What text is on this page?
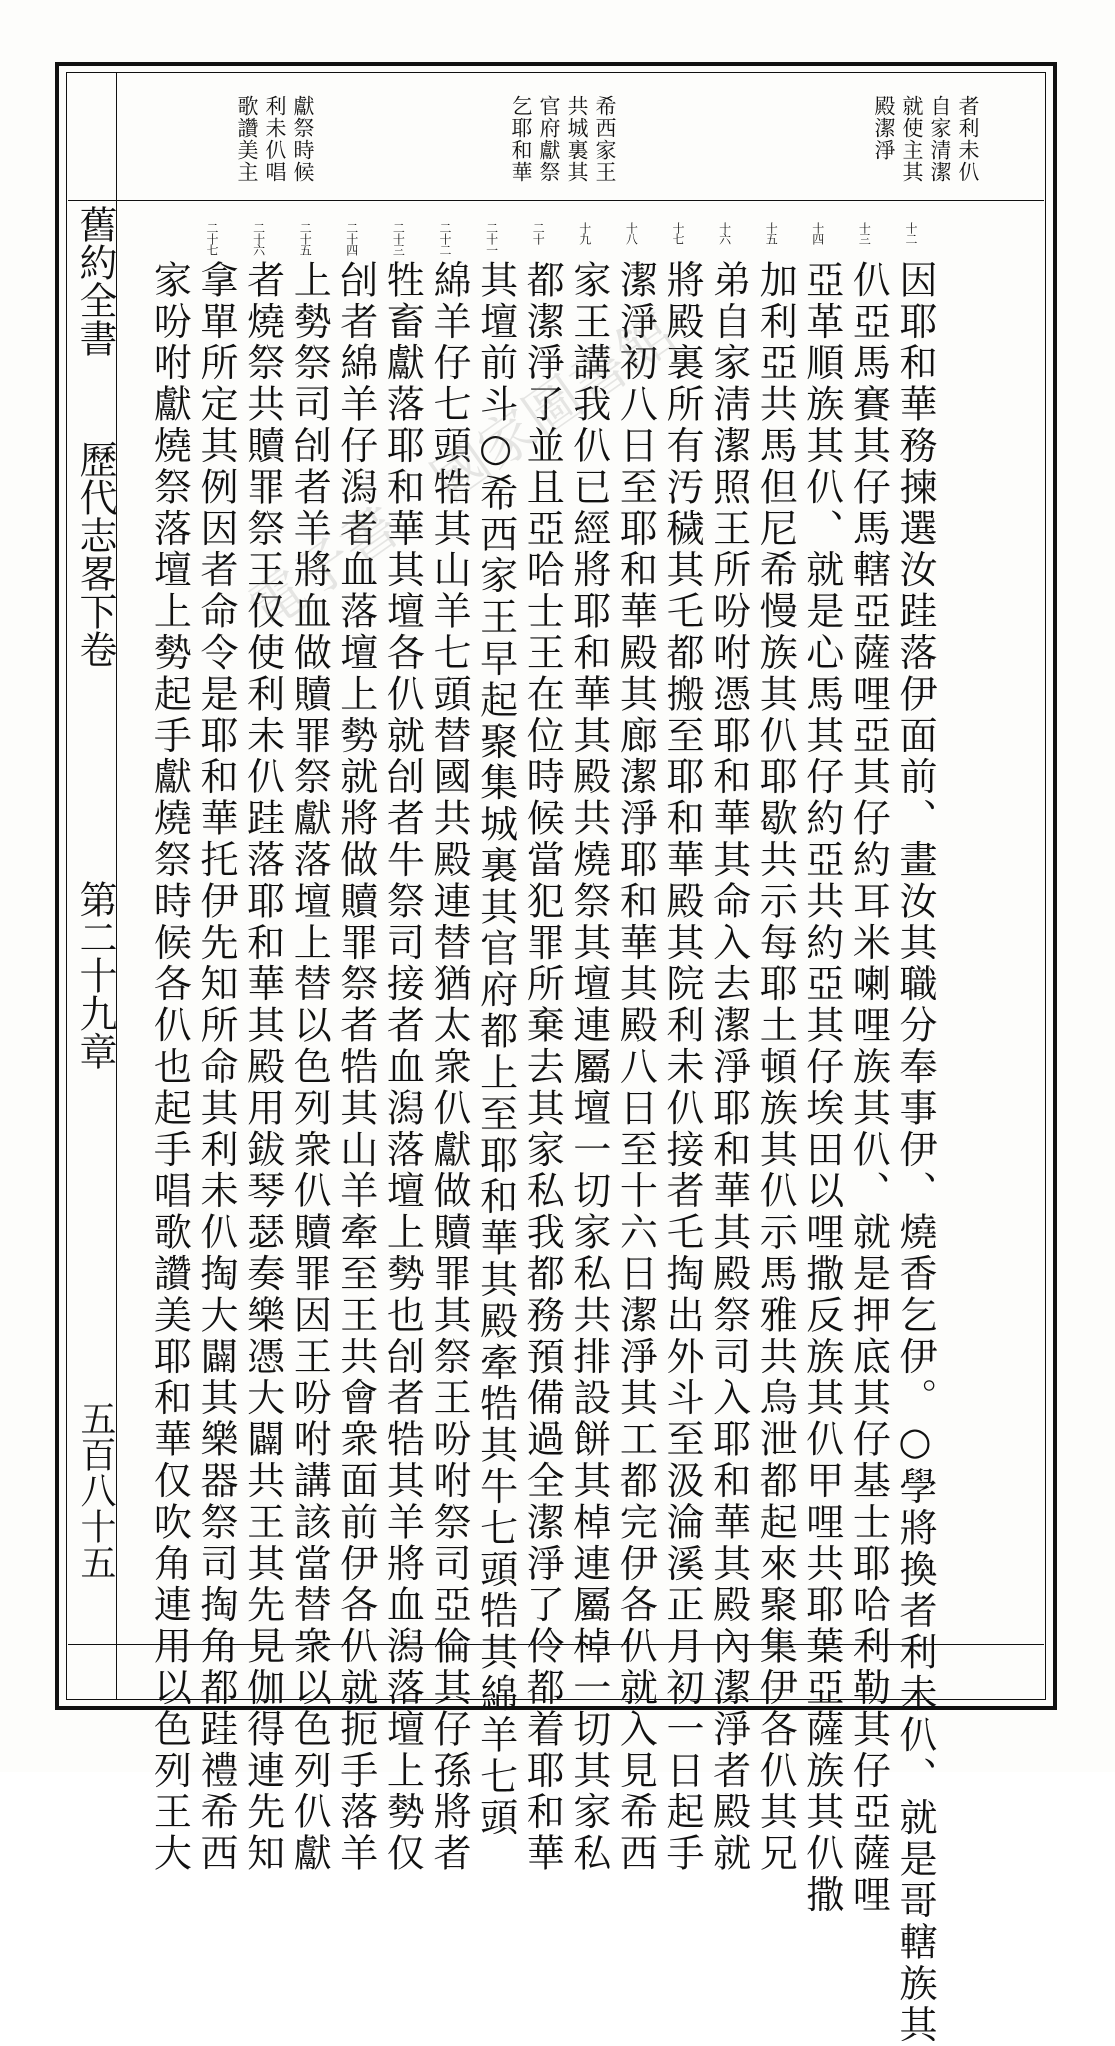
者利未仈
自家清潔
就使主其
殿潔淨
希西家王
共城裏其
官府獻祭
乞耶和華
獻祭時候
利未仈唱
歌讚美主
因耶和華務揀選汝跬落伊面前、畫汝其職分奉事伊、燒香乞伊。○學將換者利未仈、就是哥轄族其
十二
仈亞馬賽其仔馬轄亞薩哩亞其仔約耳米喇哩族其仈、就是押底其仔基士耶哈利勒其仔亞薩哩
十三
亞革順族其仈、就是心馬其仔約亞共約亞其仔埃田以哩撒反族其仈甲哩共耶葉亞薩族其仈撒
十四
加利亞共馬但尼希慢族其仈耶歇共示每耶土頓族其仈示馬雅共烏泄都起來聚集伊各仈其兄
十五
弟自家淸潔照王所吩咐憑耶和華其命入去潔淨耶和華其殿祭司入耶和華其殿內潔淨者殿就
十六
將殿裏所有汚穢其乇都搬至耶和華殿其院利未仈接者乇掏出外斗至汲淪溪正月初一日起手
十七
潔淨初八日至耶和華殿其廊潔淨耶和華其殿八日至十六日潔淨其工都完伊各仈就入見希西
十八
家王講我仈已經將耶和華其殿共燒祭其壇連屬壇一切家私共排設餅其棹連屬棹一切其家私
十九
都潔淨了並且亞哈士王在位時候當犯罪所棄去其家私我都務預備過全潔淨了伶都着耶和華
二十
其壇前斗○希西家王早起聚集城裏其官府都上至耶和華其殿牽牿其牛七頭牿其綿羊七頭
二十一
綿羊仔七頭牿其山羊七頭替國共殿連替猶太衆仈獻做贖罪其祭王吩咐祭司亞倫其仔孫將者
二十二
牲畜獻落耶和華其壇各仈就刣者牛祭司接者血潟落壇上勢也刣者牿其羊將血潟落壇上勢仅
二十三
刣者綿羊仔潟者血落壇上勢就將做贖罪祭者牿其山羊牽至王共會衆面前伊各仈就扼手落羊
二十四
上勢祭司刣者羊將血做贖罪祭獻落壇上替以色列衆仈贖罪因王吩咐講該當替衆以色列仈獻
二十五
者燒祭共贖罪祭王仅使利未仈跬落耶和華其殿用鈸琴瑟奏樂憑大闢共王其先見伽得連先知
二十六
拿單所定其例因者命令是耶和華托伊先知所命其利未仈掏大闢其樂器祭司掏角都跬禮希西
二十七
家吩咐獻燒祭落壇上勢起手獻燒祭時候各仈也起手唱歌讚美耶和華仅吹角連用以色列王大
舊約全書
歷代志畧下卷
第二十九章
五百八十五
電子書　國家圖書館
